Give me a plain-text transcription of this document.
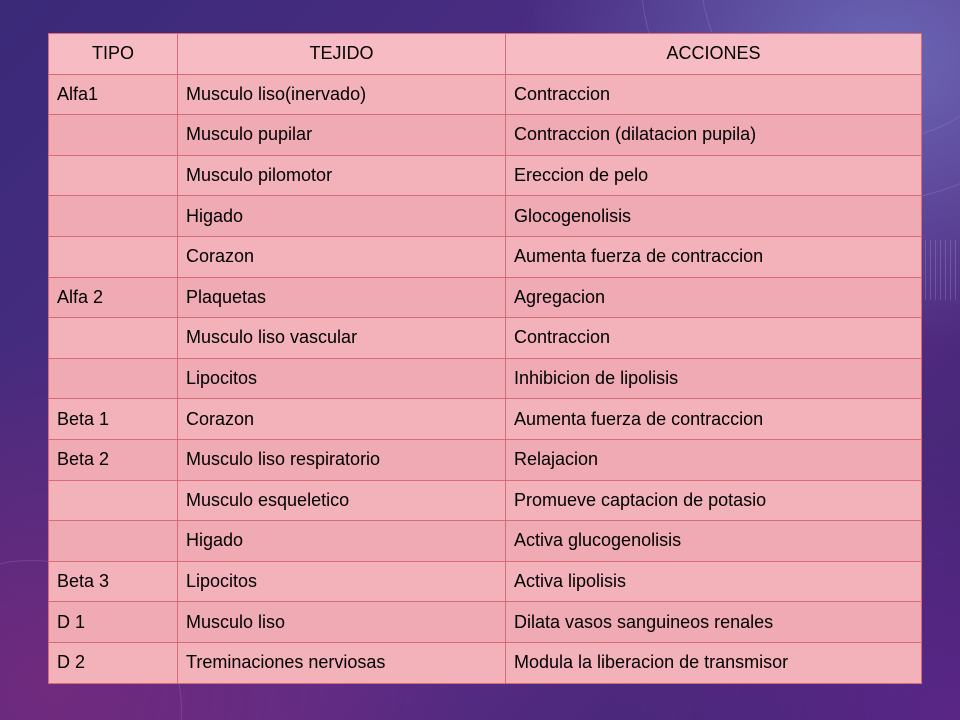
TIPO	TEJIDO	ACCIONES
Alfa1	Musculo liso(inervado)	Contraccion
	Musculo pupilar	Contraccion (dilatacion pupila)
	Musculo pilomotor	Ereccion de pelo
	Higado	Glocogenolisis
	Corazon	Aumenta fuerza de contraccion
Alfa 2	Plaquetas	Agregacion
	Musculo liso vascular	Contraccion
	Lipocitos	Inhibicion de lipolisis
Beta 1	Corazon	Aumenta fuerza de contraccion
Beta 2	Musculo liso respiratorio	Relajacion
	Musculo esqueletico	Promueve captacion de potasio
	Higado	Activa glucogenolisis
Beta 3	Lipocitos	Activa lipolisis
D 1	Musculo liso	Dilata vasos sanguineos renales
D 2	Treminaciones nerviosas	Modula la liberacion de transmisor
